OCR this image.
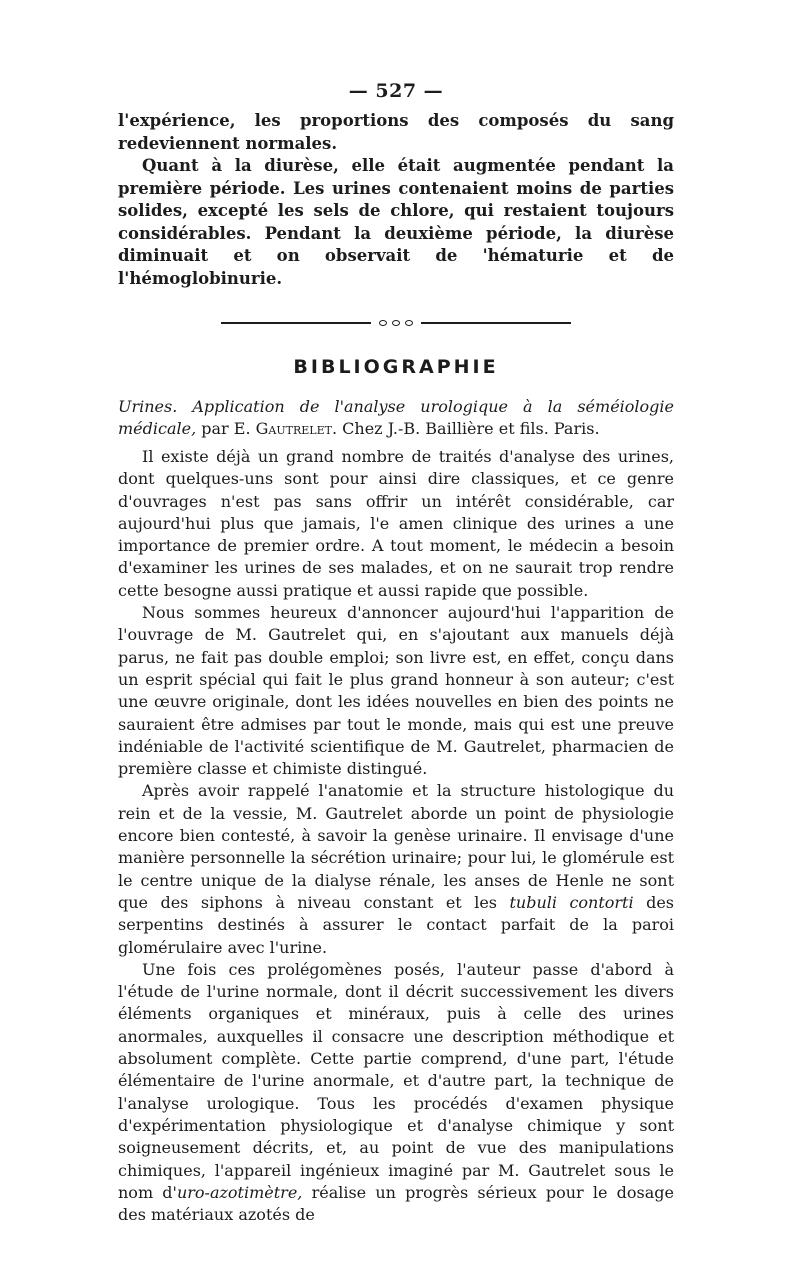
— 527 —

l'expérience, les proportions des composés du sang redeviennent normales.

Quant à la diurèse, elle était augmentée pendant la première période. Les urines contenaient moins de parties solides, excepté les sels de chlore, qui restaient toujours considérables. Pendant la deuxième période, la diurèse diminuait et on observait de 'hématurie et de l'hémoglobinurie.

BIBLIOGRAPHIE

Urines. Application de l'analyse urologique à la séméiologie médicale, par E. Gautrelet. Chez J.-B. Baillière et fils. Paris.

Il existe déjà un grand nombre de traités d'analyse des urines, dont quelques-uns sont pour ainsi dire classiques, et ce genre d'ouvrages n'est pas sans offrir un intérêt considérable, car aujourd'hui plus que jamais, l'e amen clinique des urines a une importance de premier ordre. A tout moment, le médecin a besoin d'examiner les urines de ses malades, et on ne saurait trop rendre cette besogne aussi pratique et aussi rapide que possible.

Nous sommes heureux d'annoncer aujourd'hui l'apparition de l'ouvrage de M. Gautrelet qui, en s'ajoutant aux manuels déjà parus, ne fait pas double emploi; son livre est, en effet, conçu dans un esprit spécial qui fait le plus grand honneur à son auteur; c'est une œuvre originale, dont les idées nouvelles en bien des points ne sauraient être admises par tout le monde, mais qui est une preuve indéniable de l'activité scientifique de M. Gautrelet, pharmacien de première classe et chimiste distingué.

Après avoir rappelé l'anatomie et la structure histologique du rein et de la vessie, M. Gautrelet aborde un point de physiologie encore bien contesté, à savoir la genèse urinaire. Il envisage d'une manière personnelle la sécrétion urinaire; pour lui, le glomérule est le centre unique de la dialyse rénale, les anses de Henle ne sont que des siphons à niveau constant et les tubuli contorti des serpentins destinés à assurer le contact parfait de la paroi glomérulaire avec l'urine.

Une fois ces prolégomènes posés, l'auteur passe d'abord à l'étude de l'urine normale, dont il décrit successivement les divers éléments organiques et minéraux, puis à celle des urines anormales, auxquelles il consacre une description méthodique et absolument complète. Cette partie comprend, d'une part, l'étude élémentaire de l'urine anormale, et d'autre part, la technique de l'analyse urologique. Tous les procédés d'examen physique d'expérimentation physiologique et d'analyse chimique y sont soigneusement décrits, et, au point de vue des manipulations chimiques, l'appareil ingénieux imaginé par M. Gautrelet sous le nom d'uro-azotimètre, réalise un progrès sérieux pour le dosage des matériaux azotés de
